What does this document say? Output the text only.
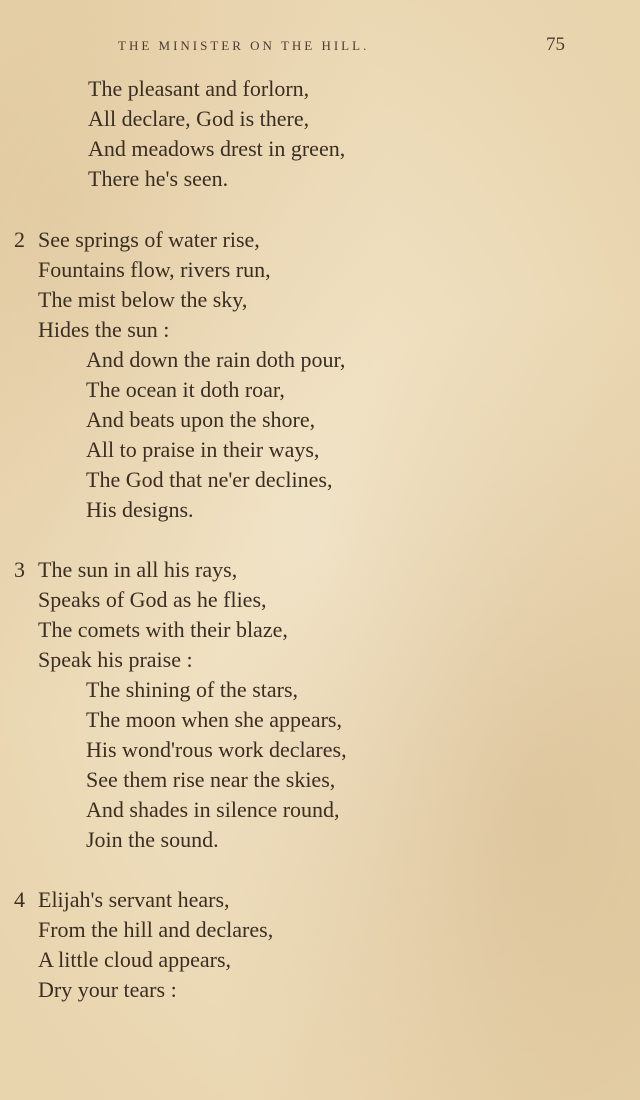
THE MINISTER ON THE HILL.	75
The pleasant and forlorn,
All declare, God is there,
And meadows drest in green,
There he's seen.
2 See springs of water rise,
Fountains flow, rivers run,
The mist below the sky,
Hides the sun :
And down the rain doth pour,
The ocean it doth roar,
And beats upon the shore,
All to praise in their ways,
The God that ne'er declines,
His designs.
3 The sun in all his rays,
Speaks of God as he flies,
The comets with their blaze,
Speak his praise :
The shining of the stars,
The moon when she appears,
His wond'rous work declares,
See them rise near the skies,
And shades in silence round,
Join the sound.
4 Elijah's servant hears,
From the hill and declares,
A little cloud appears,
Dry your tears :
